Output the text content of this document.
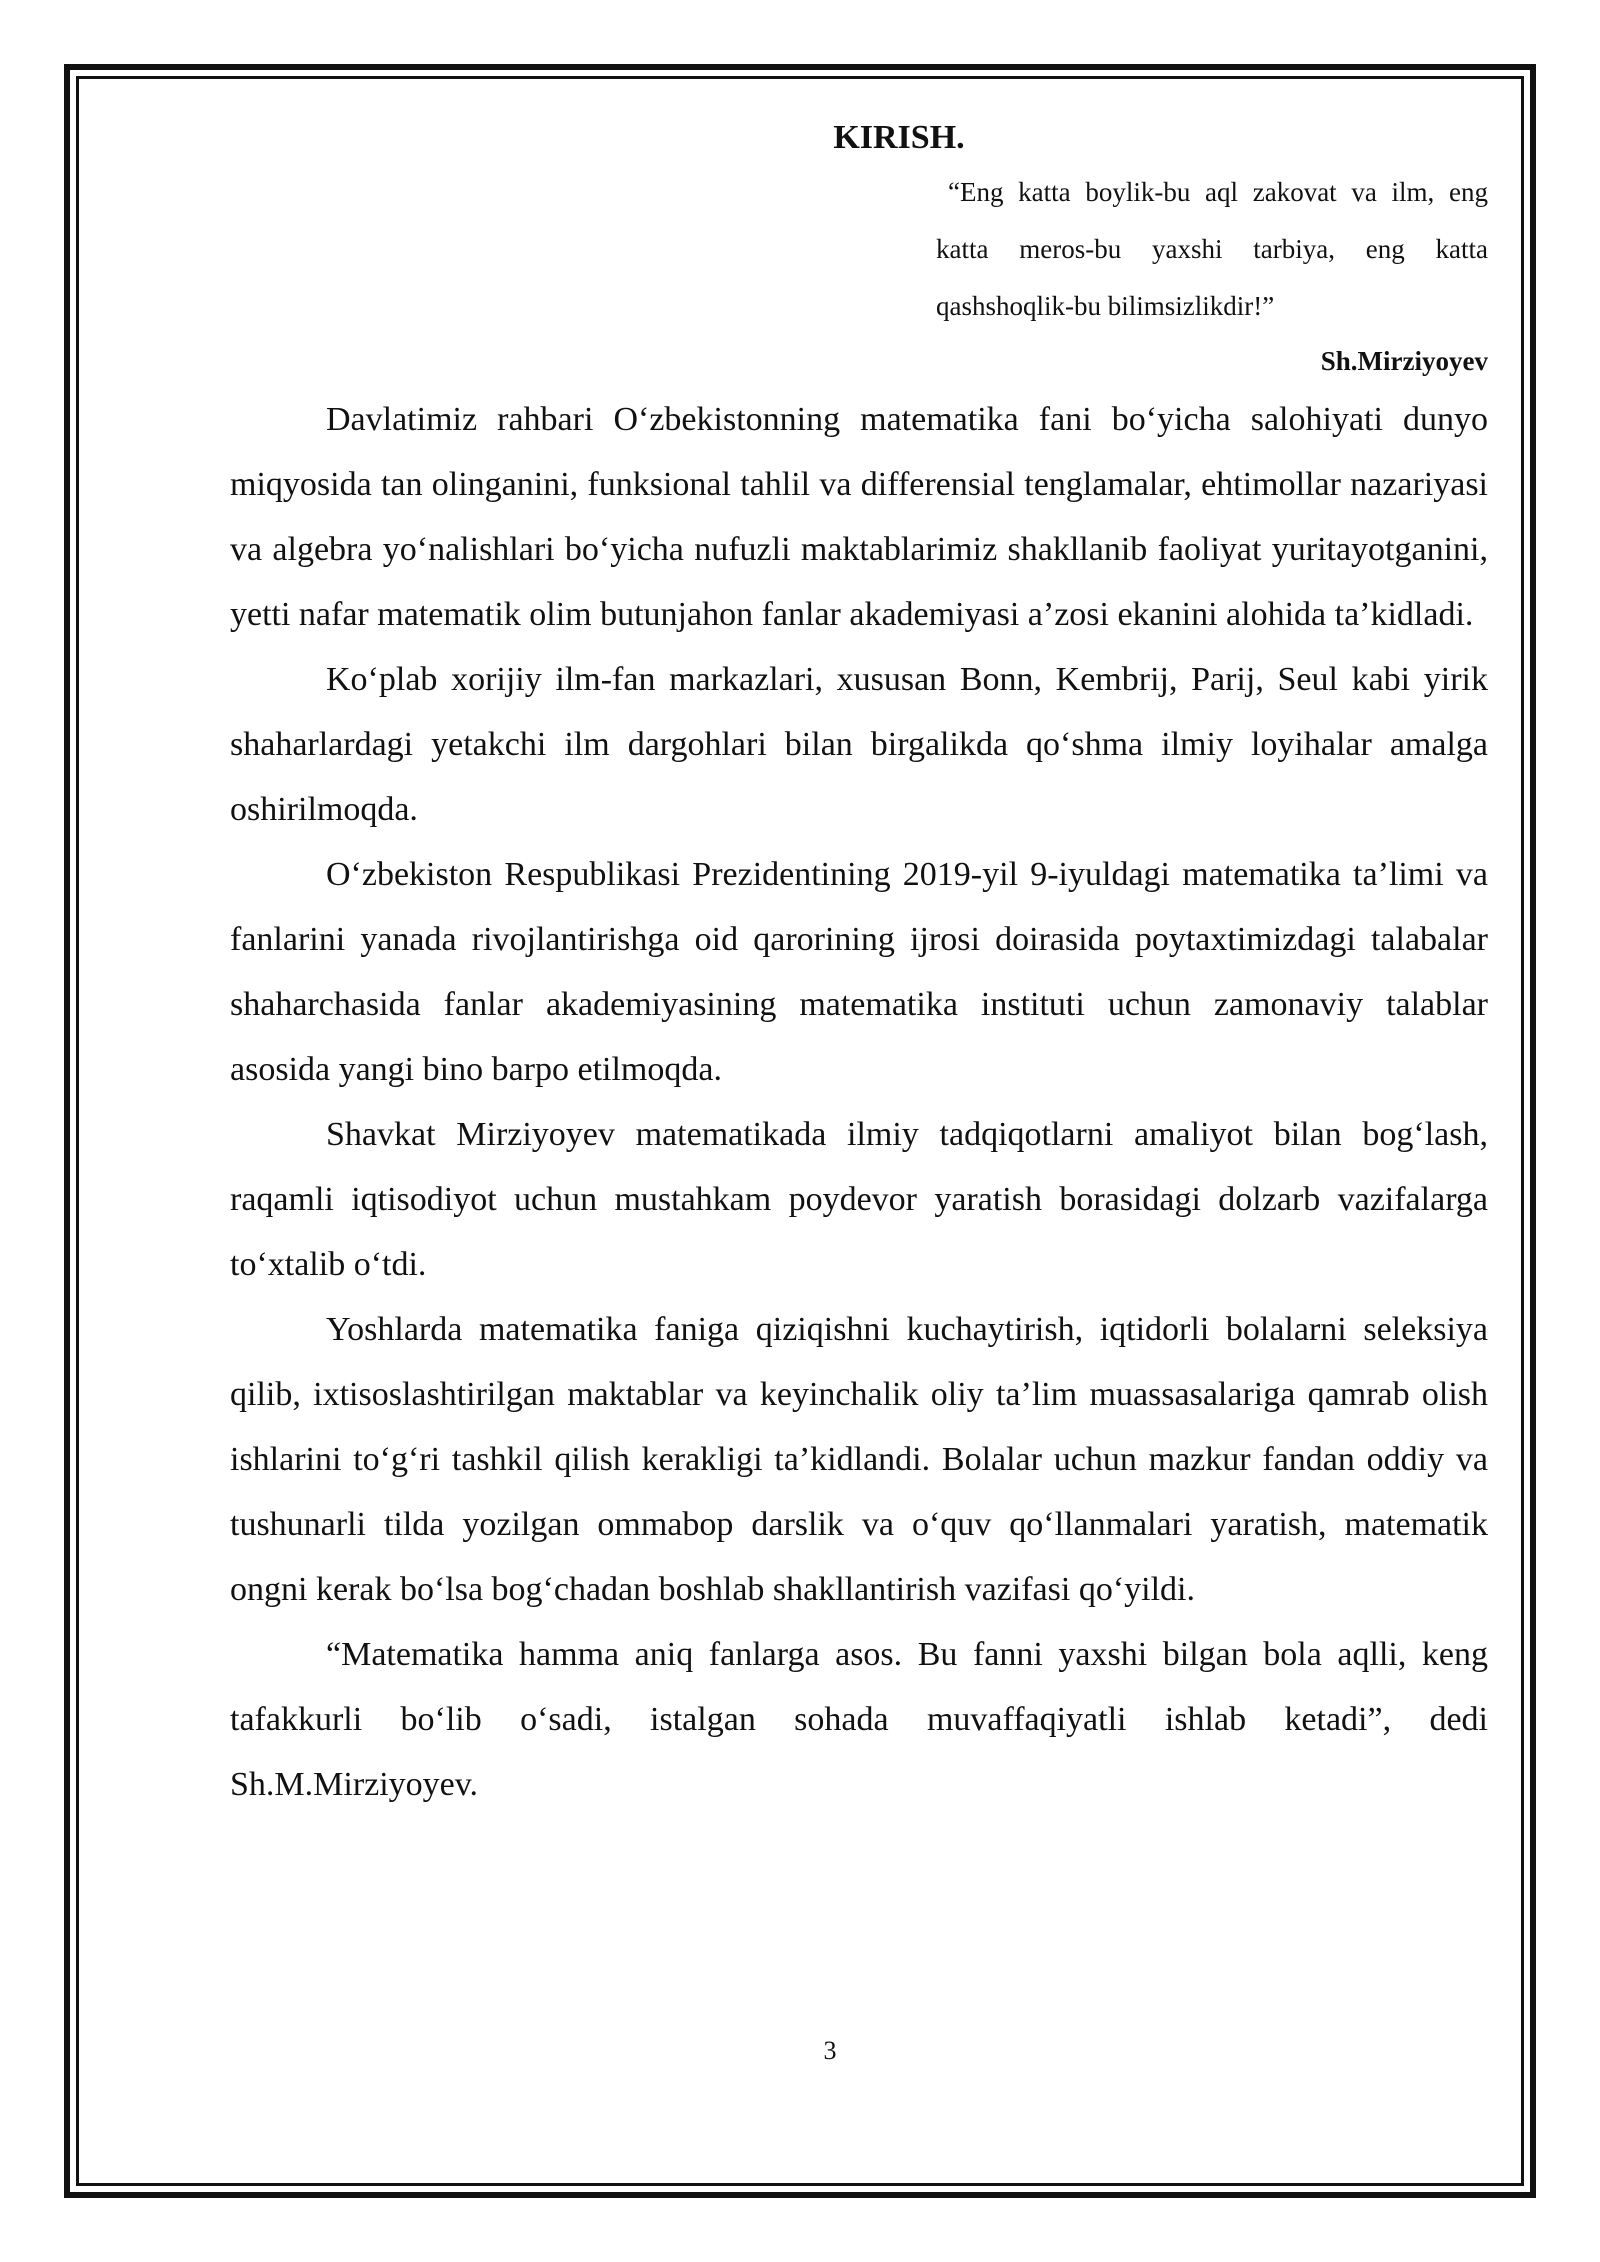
KIRISH.
“Eng katta boylik-bu aql zakovat va ilm, eng katta meros-bu yaxshi tarbiya, eng katta qashshoqlik-bu bilimsizlikdir!”
Sh.Mirziyoyev

Davlatimiz rahbari O‘zbekistonning matematika fani bo‘yicha salohiyati dunyo miqyosida tan olinganini, funksional tahlil va differensial tenglamalar, ehtimollar nazariyasi va algebra yo‘nalishlari bo‘yicha nufuzli maktablarimiz shakllanib faoliyat yuritayotganini, yetti nafar matematik olim butunjahon fanlar akademiyasi a’zosi ekanini alohida ta’kidladi.

Ko‘plab xorijiy ilm-fan markazlari, xususan Bonn, Kembrij, Parij, Seul kabi yirik shaharlardagi yetakchi ilm dargohlari bilan birgalikda qo‘shma ilmiy loyihalar amalga oshirilmoqda.

O‘zbekiston Respublikasi Prezidentining 2019-yil 9-iyuldagi matematika ta’limi va fanlarini yanada rivojlantirishga oid qarorining ijrosi doirasida poytaxtimizdagi talabalar shaharchasida fanlar akademiyasining matematika instituti uchun zamonaviy talablar asosida yangi bino barpo etilmoqda.

Shavkat Mirziyoyev matematikada ilmiy tadqiqotlarni amaliyot bilan bog‘lash, raqamli iqtisodiyot uchun mustahkam poydevor yaratish borasidagi dolzarb vazifalarga to‘xtalib o‘tdi.

Yoshlarda matematika faniga qiziqishni kuchaytirish, iqtidorli bolalarni seleksiya qilib, ixtisoslashtirilgan maktablar va keyinchalik oliy ta’lim muassasalariga qamrab olish ishlarini to‘g‘ri tashkil qilish kerakligi ta’kidlandi. Bolalar uchun mazkur fandan oddiy va tushunarli tilda yozilgan ommabop darslik va o‘quv qo‘llanmalari yaratish, matematik ongni kerak bo‘lsa bog‘chadan boshlab shakllantirish vazifasi qo‘yildi.

“Matematika hamma aniq fanlarga asos. Bu fanni yaxshi bilgan bola aqlli, keng tafakkurli bo‘lib o‘sadi, istalgan sohada muvaffaqiyatli ishlab ketadi”, dedi Sh.M.Mirziyoyev.

3
